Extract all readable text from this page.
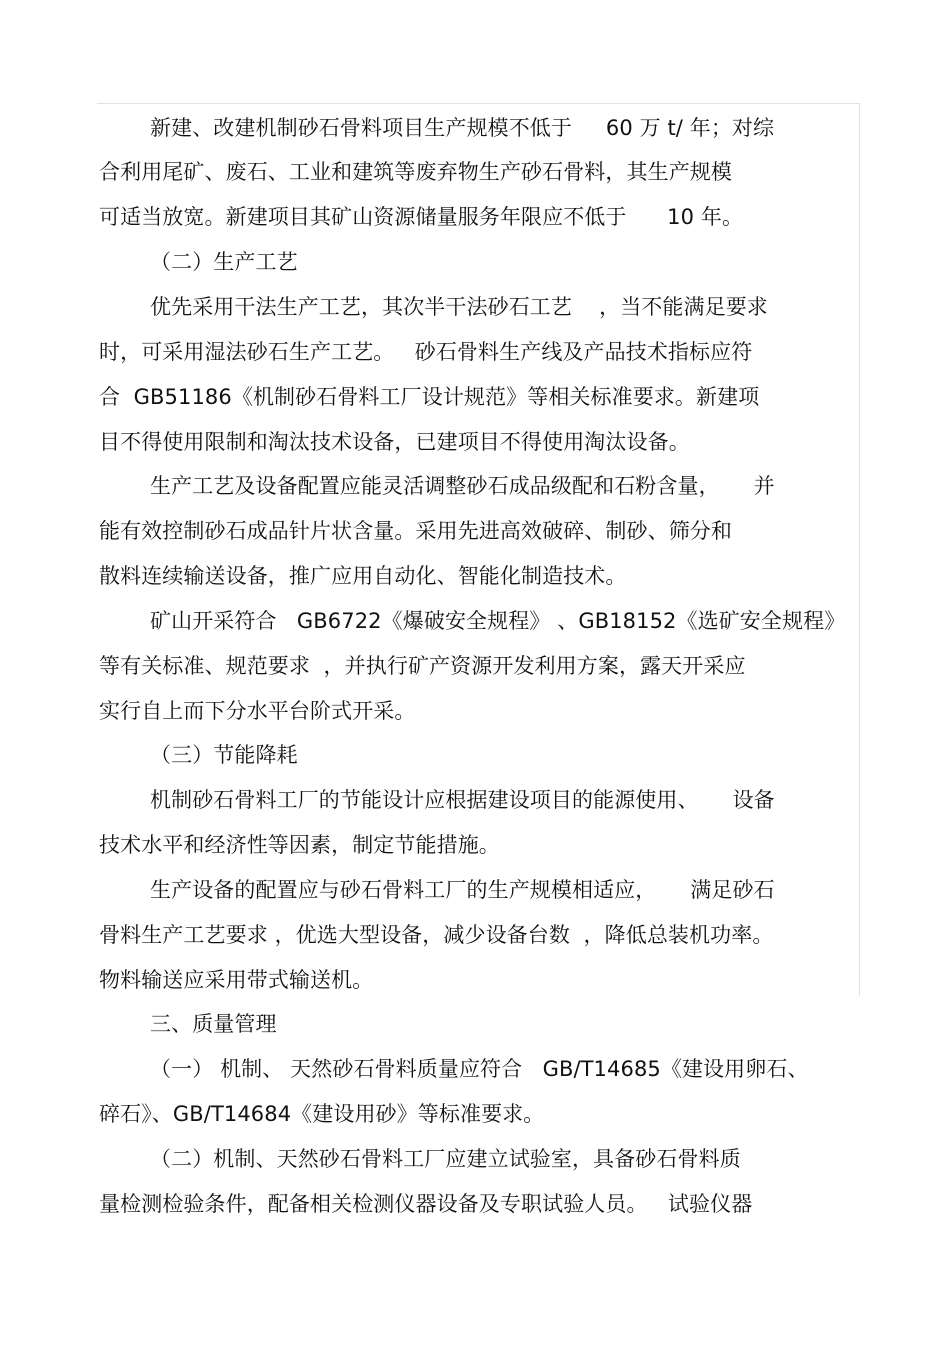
新建、改建机制砂石骨料项目生产规模不低于     60 万 t/ 年；对综
合利用尾矿、废石、工业和建筑等废弃物生产砂石骨料，其生产规模
可适当放宽。新建项目其矿山资源储量服务年限应不低于      10 年。
（二）生产工艺
优先采用干法生产工艺，其次半干法砂石工艺    ，当不能满足要求
时，可采用湿法砂石生产工艺。   砂石骨料生产线及产品技术指标应符
合  GB51186《机制砂石骨料工厂设计规范》等相关标准要求。新建项
目不得使用限制和淘汰技术设备，已建项目不得使用淘汰设备。
生产工艺及设备配置应能灵活调整砂石成品级配和石粉含量，     并
能有效控制砂石成品针片状含量。采用先进高效破碎、制砂、筛分和
散料连续输送设备，推广应用自动化、智能化制造技术。
矿山开采符合   GB6722《爆破安全规程》 、GB18152《选矿安全规程》
等有关标准、规范要求  ，并执行矿产资源开发利用方案，露天开采应
实行自上而下分水平台阶式开采。
（三）节能降耗
机制砂石骨料工厂的节能设计应根据建设项目的能源使用、     设备
技术水平和经济性等因素，制定节能措施。
生产设备的配置应与砂石骨料工厂的生产规模相适应，     满足砂石
骨料生产工艺要求 ，优选大型设备，减少设备台数  ，降低总装机功率。
物料输送应采用带式输送机。
三、质量管理
（一） 机制、 天然砂石骨料质量应符合   GB/T14685《建设用卵石、
碎石》、GB/T14684《建设用砂》等标准要求。
（二）机制、天然砂石骨料工厂应建立试验室，具备砂石骨料质
量检测检验条件，配备相关检测仪器设备及专职试验人员。   试验仪器
